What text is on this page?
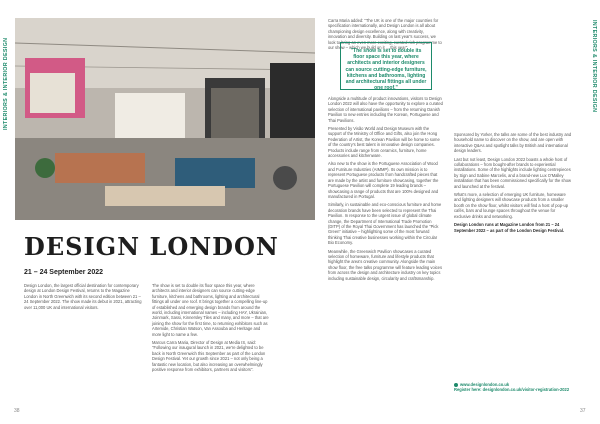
INTERIORS & INTERIOR DESIGN	INTERIORS & INTERIOR DESIGN
DESIGN LONDON
21 – 24 September 2022

Design London, the largest official destination for contemporary design at London Design Festival, returns to the Magazine London in North Greenwich with its second edition between 21 – 24 September 2022. The show made its debut in 2021, attracting over 11,000 UK and international visitors.

The show is set to double its floor space this year, where architects and interior designers can source cutting-edge furniture, kitchens and bathrooms, lighting and architectural fittings all under one roof. It brings together a compelling line-up of established and emerging design brands from around the world, including international names – including HAY, Ukrainian, Joinmark, Sassi, Kinnersley Tiles and many, and more – that are joining the show for the first time, to returning exhibitors such as Artemide, Christian Watson, Van Assouba and Heritage and more light to name a few.

Marcus Carra Maria, Director of Design at Media IS, said: "Following our inaugural launch in 2021, we're delighted to be back in North Greenwich this September as part of the London Design Festival. Yet our growth since 2021 – not only being a fantastic new location, but also increasing an overwhelmingly positive response from exhibitors, partners and visitors".

Carra Maria added: "The UK is one of the major countries for specification internationally, and Design London is all about championing design excellence, along with creativity, innovation and diversity. Building on last year's success, we look to bring an even more exciting, curated rich programme to our show – which we build on it ... this year".

"The show is set to double its floor space this year, where architects and interior designers can source cutting-edge furniture, kitchens and bathrooms, lighting and architectural fittings all under one roof."

Alongside a multitude of product innovations, visitors to Design London 2022 will also have the opportunity to explore a curated selection of international pavilions – from the returning Danish Pavilion to new entries including the Korean, Portuguese and Thai Pavilions.

Presented by Visão World and Design Museum with the support of the Ministry of Office and Gifts, also join the Hong Federation of Artist, the Korean Pavilion will be home to some of the country's best talent in innovative design companies. Products include range from ceramics, furniture, home accessories and kitchenware.

Also new to the show is the Portuguese Association of Wood and Furniture Industries (AIMMP). Its own mission is to represent Portuguese products from handcrafted pieces that are made by the artist and furniture showcasing, together the Portuguese Pavilion will complete 19 leading brands – showcasing a range of products that are 100% designed and manufactured in Portugal.

Similarly, in sustainable and eco-conscious furniture and home decoration brands have been selected to represent the Thai Pavilion. In response to the urgent issue of global climate change, the Department of International Trade Promotion (DITP) of the Royal Thai Government has launched the "Pick Green" initiative – highlighting some of the most forward thinking Thai creative businesses working within the Circular Bio Economy.

Meanwhile, the Greenwich Pavilion showcases a curated selection of homeware, furniture and lifestyle products that highlight the area's creative community. Alongside the main show floor, the free talks programme will feature leading voices from across the design and architecture industry on key topics including sustainable design, circularity and craftsmanship.

Sponsored by Yorker, the talks are some of the best industry and household name to discover on the show, and are open with interactive Q&As and spotlight talks by British and international design leaders.

Last but not least, Design London 2022 boasts a whole host of collaborations – from bought-after brands to experiential installations. Some of the highlights include lighting centrepieces by Sign and Sabine Marcelis, and a brand-new Lux O'Malley installation that has been commissioned specifically for the show and launched at the festival.

What's more, a selection of emerging UK furniture, homeware and lighting designers will showcase products from a smaller booth on the show floor, whilst visitors will find a host of pop-up cafés, bars and lounge spaces throughout the venue for exclusive drinks and networking.

Design London runs at Magazine London from 21 – 24 September 2022 – as part of the London Design Festival.

www.designlondon.co.uk
Register here: designlondon.co.uk/visitor-registration-2022
38	37
